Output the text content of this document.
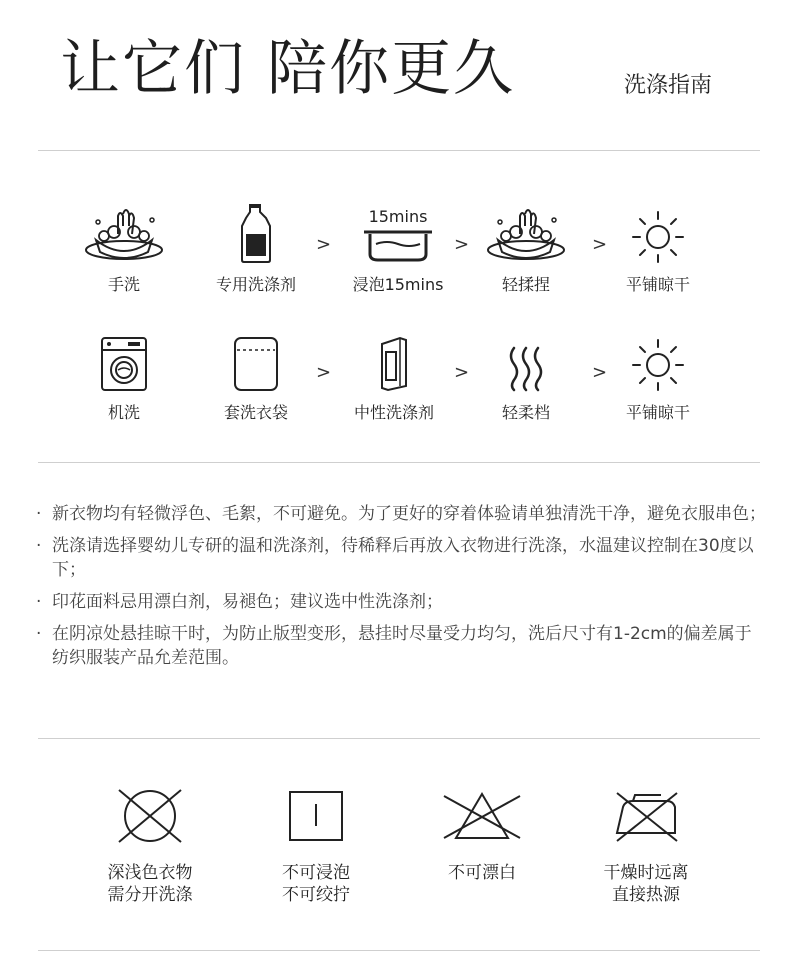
让它们 陪你更久	洗涤指南
手洗	专用洗涤剂
>
15mins
浸泡15mins
>
轻揉捏
>
平铺晾干
机洗	套洗衣袋
>
中性洗涤剂
>
轻柔档
>
平铺晾干
· 新衣物均有轻微浮色、毛絮，不可避免。为了更好的穿着体验请单独清洗干净，避免衣服串色；
· 洗涤请选择婴幼儿专研的温和洗涤剂，待稀释后再放入衣物进行洗涤，水温建议控制在30度以下；
· 印花面料忌用漂白剂，易褪色；建议选中性洗涤剂；
· 在阴凉处悬挂晾干时，为防止版型变形，悬挂时尽量受力均匀，洗后尺寸有1-2cm的偏差属于纺织服装产品允差范围。
深浅色衣物
需分开洗涤
不可浸泡
不可绞拧
不可漂白	干燥时远离
直接热源
